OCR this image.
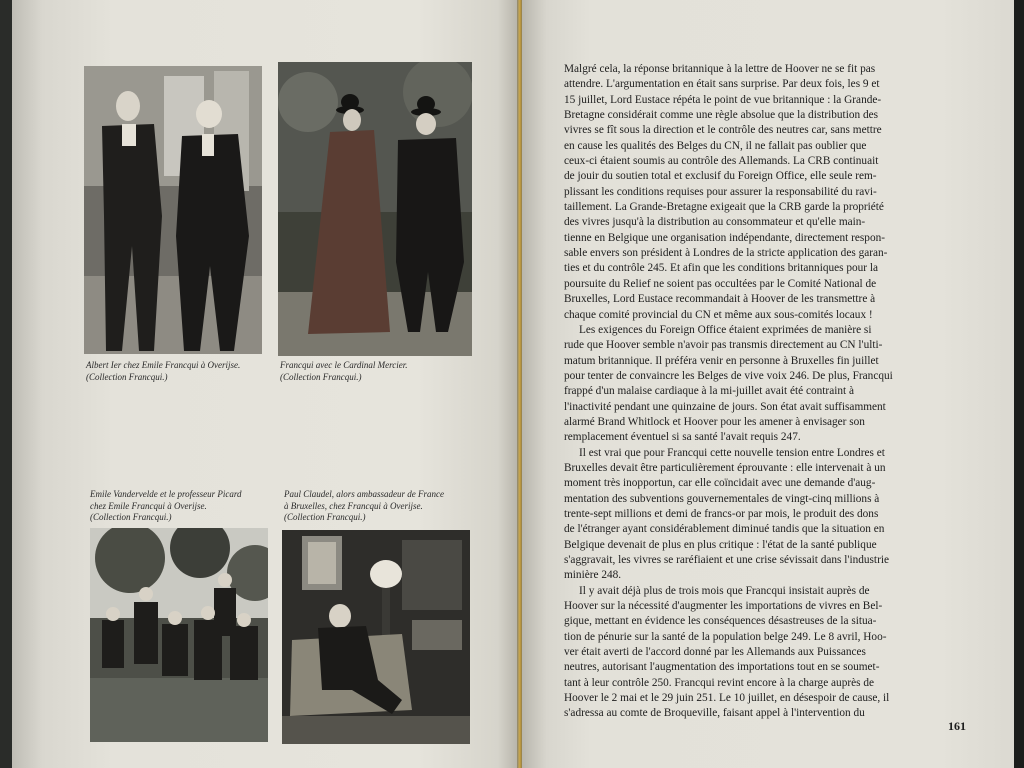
Albert Ier chez Emile Francqui à Overijse.
(Collection Francqui.)
Francqui avec le Cardinal Mercier.
(Collection Francqui.)
Emile Vandervelde et le professeur Picard
chez Emile Francqui à Overijse.
(Collection Francqui.)
Paul Claudel, alors ambassadeur de France
à Bruxelles, chez Francqui à Overijse.
(Collection Francqui.)
Malgré cela, la réponse britannique à la lettre de Hoover ne se fit pas
attendre. L'argumentation en était sans surprise. Par deux fois, les 9 et
15 juillet, Lord Eustace répéta le point de vue britannique : la Grande-
Bretagne considérait comme une règle absolue que la distribution des
vivres se fît sous la direction et le contrôle des neutres car, sans mettre
en cause les qualités des Belges du CN, il ne fallait pas oublier que
ceux-ci étaient soumis au contrôle des Allemands. La CRB continuait
de jouir du soutien total et exclusif du Foreign Office, elle seule rem-
plissant les conditions requises pour assurer la responsabilité du ravi-
taillement. La Grande-Bretagne exigeait que la CRB garde la propriété
des vivres jusqu'à la distribution au consommateur et qu'elle main-
tienne en Belgique une organisation indépendante, directement respon-
sable envers son président à Londres de la stricte application des garan-
ties et du contrôle 245. Et afin que les conditions britanniques pour la
poursuite du Relief ne soient pas occultées par le Comité National de
Bruxelles, Lord Eustace recommandait à Hoover de les transmettre à
chaque comité provincial du CN et même aux sous-comités locaux !
Les exigences du Foreign Office étaient exprimées de manière si
rude que Hoover semble n'avoir pas transmis directement au CN l'ulti-
matum britannique. Il préféra venir en personne à Bruxelles fin juillet
pour tenter de convaincre les Belges de vive voix 246. De plus, Francqui
frappé d'un malaise cardiaque à la mi-juillet avait été contraint à
l'inactivité pendant une quinzaine de jours. Son état avait suffisamment
alarmé Brand Whitlock et Hoover pour les amener à envisager son
remplacement éventuel si sa santé l'avait requis 247.
Il est vrai que pour Francqui cette nouvelle tension entre Londres et
Bruxelles devait être particulièrement éprouvante : elle intervenait à un
moment très inopportun, car elle coïncidait avec une demande d'aug-
mentation des subventions gouvernementales de vingt-cinq millions à
trente-sept millions et demi de francs-or par mois, le produit des dons
de l'étranger ayant considérablement diminué tandis que la situation en
Belgique devenait de plus en plus critique : l'état de la santé publique
s'aggravait, les vivres se raréfiaient et une crise sévissait dans l'industrie
minière 248.
Il y avait déjà plus de trois mois que Francqui insistait auprès de
Hoover sur la nécessité d'augmenter les importations de vivres en Bel-
gique, mettant en évidence les conséquences désastreuses de la situa-
tion de pénurie sur la santé de la population belge 249. Le 8 avril, Hoo-
ver était averti de l'accord donné par les Allemands aux Puissances
neutres, autorisant l'augmentation des importations tout en se soumet-
tant à leur contrôle 250. Francqui revint encore à la charge auprès de
Hoover le 2 mai et le 29 juin 251. Le 10 juillet, en désespoir de cause, il
s'adressa au comte de Broqueville, faisant appel à l'intervention du
161
